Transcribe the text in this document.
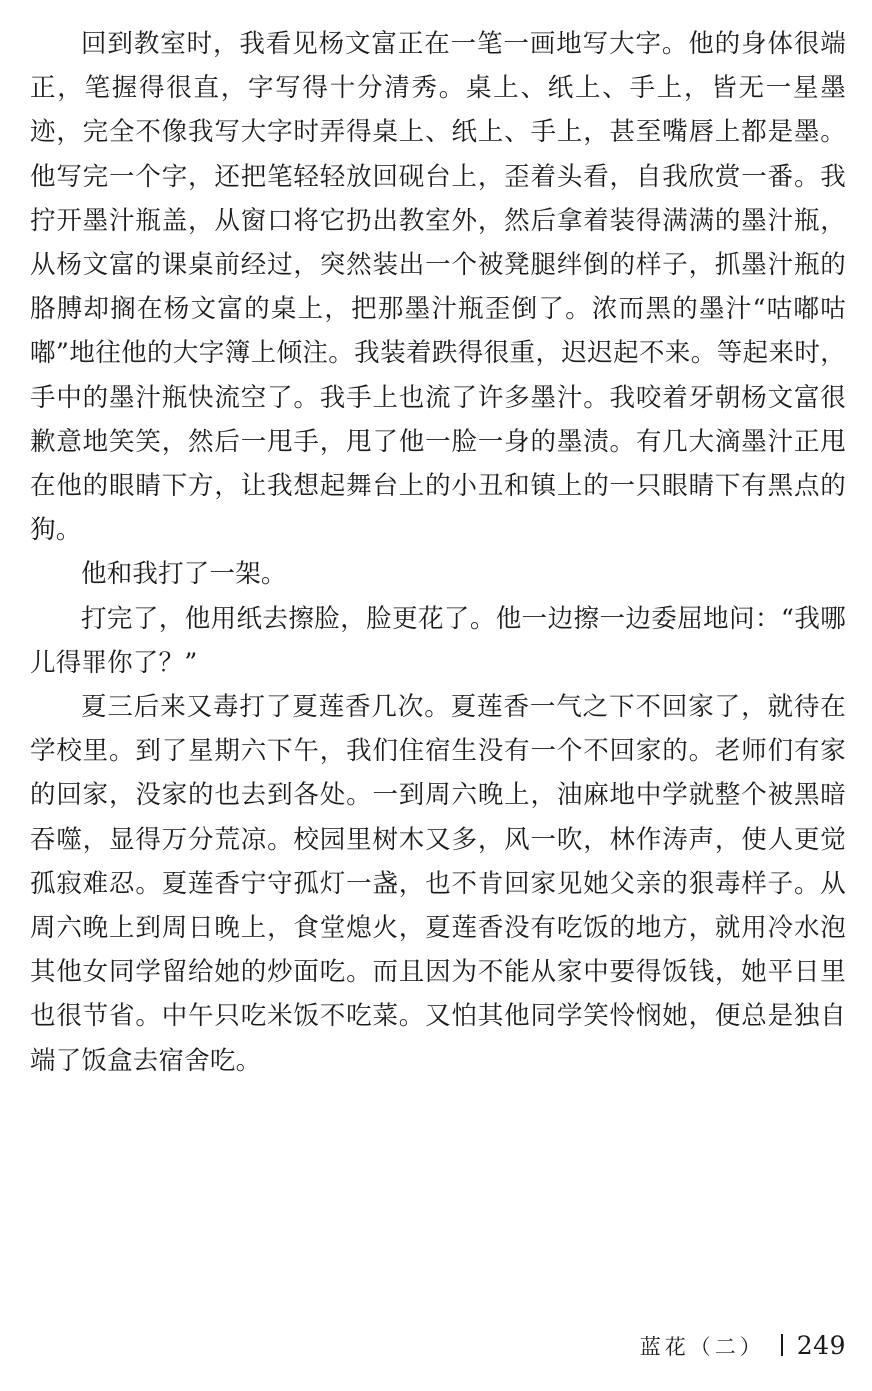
回到教室时，我看见杨文富正在一笔一画地写大字。他的身体很端正，笔握得很直，字写得十分清秀。桌上、纸上、手上，皆无一星墨迹，完全不像我写大字时弄得桌上、纸上、手上，甚至嘴唇上都是墨。他写完一个字，还把笔轻轻放回砚台上，歪着头看，自我欣赏一番。我拧开墨汁瓶盖，从窗口将它扔出教室外，然后拿着装得满满的墨汁瓶，从杨文富的课桌前经过，突然装出一个被凳腿绊倒的样子，抓墨汁瓶的胳膊却搁在杨文富的桌上，把那墨汁瓶歪倒了。浓而黑的墨汁“咕嘟咕嘟”地往他的大字簿上倾注。我装着跌得很重，迟迟起不来。等起来时，手中的墨汁瓶快流空了。我手上也流了许多墨汁。我咬着牙朝杨文富很歉意地笑笑，然后一甩手，甩了他一脸一身的墨渍。有几大滴墨汁正甩在他的眼睛下方，让我想起舞台上的小丑和镇上的一只眼睛下有黑点的狗。

他和我打了一架。

打完了，他用纸去擦脸，脸更花了。他一边擦一边委屈地问：“我哪儿得罪你了？”

夏三后来又毒打了夏莲香几次。夏莲香一气之下不回家了，就待在学校里。到了星期六下午，我们住宿生没有一个不回家的。老师们有家的回家，没家的也去到各处。一到周六晚上，油麻地中学就整个被黑暗吞噬，显得万分荒凉。校园里树木又多，风一吹，林作涛声，使人更觉孤寂难忍。夏莲香宁守孤灯一盏，也不肯回家见她父亲的狠毒样子。从周六晚上到周日晚上，食堂熄火，夏莲香没有吃饭的地方，就用冷水泡其他女同学留给她的炒面吃。而且因为不能从家中要得饭钱，她平日里也很节省。中午只吃米饭不吃菜。又怕其他同学笑怜悯她，便总是独自端了饭盒去宿舍吃。

蓝花（二） 249
